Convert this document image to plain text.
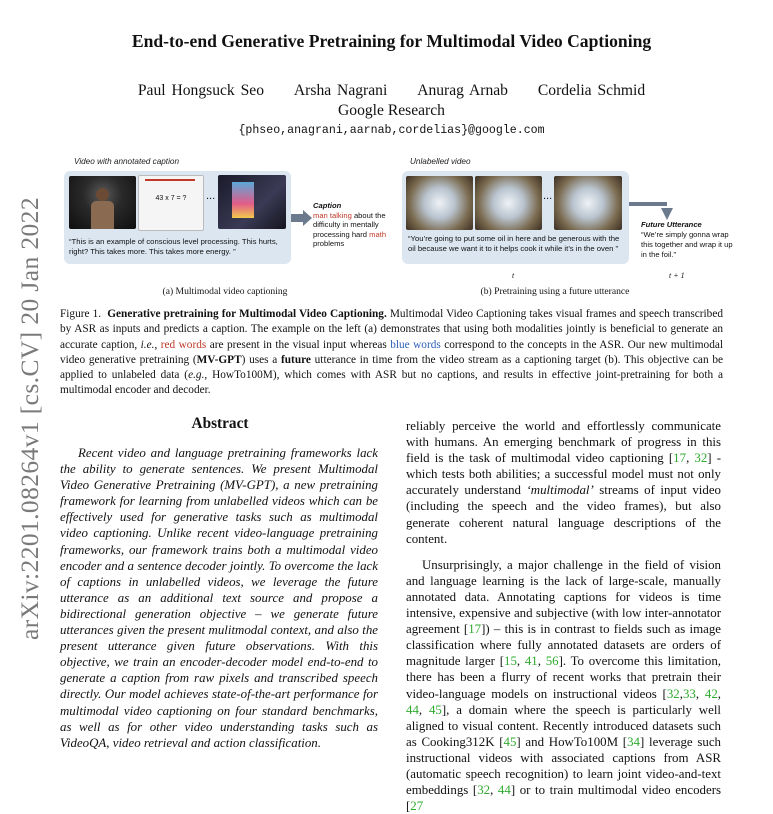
arXiv:2201.08264v1 [cs.CV] 20 Jan 2022
End-to-end Generative Pretraining for Multimodal Video Captioning
Paul Hongsuck Seo Arsha Nagrani Anurag Arnab Cordelia Schmid
Google Research
{phseo,anagrani,aarnab,cordelias}@google.com
Video with annotated caption	Unlabelled video
43 x 7 = ?	...
“This is an example of conscious level processing. This hurts, right? This takes more. This takes more energy. ”
Caption
man talking about the difficulty in mentally processing hard math problems
...
“You’re going to put some oil in here and be generous with the oil because we want it to it helps cook it while it’s in the oven ”
Future Utterance
“We’re simply gonna wrap this together and wrap it up in the foil.”
t	t + 1
(a) Multimodal video captioning	(b) Pretraining using a future utterance
Figure 1. Generative pretraining for Multimodal Video Captioning. Multimodal Video Captioning takes visual frames and speech transcribed by ASR as inputs and predicts a caption. The example on the left (a) demonstrates that using both modalities jointly is beneficial to generate an accurate caption, i.e., red words are present in the visual input whereas blue words correspond to the concepts in the ASR. Our new multimodal video generative pretraining (MV-GPT) uses a future utterance in time from the video stream as a captioning target (b). This objective can be applied to unlabeled data (e.g., HowTo100M), which comes with ASR but no captions, and results in effective joint-pretraining for both a multimodal encoder and decoder.
Abstract
Recent video and language pretraining frameworks lack the ability to generate sentences. We present Multimodal Video Generative Pretraining (MV-GPT), a new pretraining framework for learning from unlabelled videos which can be effectively used for generative tasks such as multimodal video captioning. Unlike recent video-language pretraining frameworks, our framework trains both a multimodal video encoder and a sentence decoder jointly. To overcome the lack of captions in unlabelled videos, we leverage the future utterance as an additional text source and propose a bidirectional generation objective – we generate future utterances given the present mulitmodal context, and also the present utterance given future observations. With this objective, we train an encoder-decoder model end-to-end to generate a caption from raw pixels and transcribed speech directly. Our model achieves state-of-the-art performance for multimodal video captioning on four standard benchmarks, as well as for other video understanding tasks such as VideoQA, video retrieval and action classification.

reliably perceive the world and effortlessly communicate with humans. An emerging benchmark of progress in this field is the task of multimodal video captioning [17, 32] - which tests both abilities; a successful model must not only accurately understand ‘multimodal’ streams of input video (including the speech and the video frames), but also generate coherent natural language descriptions of the content.

Unsurprisingly, a major challenge in the field of vision and language learning is the lack of large-scale, manually annotated data. Annotating captions for videos is time intensive, expensive and subjective (with low inter-annotator agreement [17]) – this is in contrast to fields such as image classification where fully annotated datasets are orders of magnitude larger [15, 41, 56]. To overcome this limitation, there has been a flurry of recent works that pretrain their video-language models on instructional videos [32,33, 42, 44, 45], a domain where the speech is particularly well aligned to visual content. Recently introduced datasets such as Cooking312K [45] and HowTo100M [34] leverage such instructional videos with associated captions from ASR (automatic speech recognition) to learn joint video-and-text embeddings [32, 44] or to train multimodal video encoders [27
